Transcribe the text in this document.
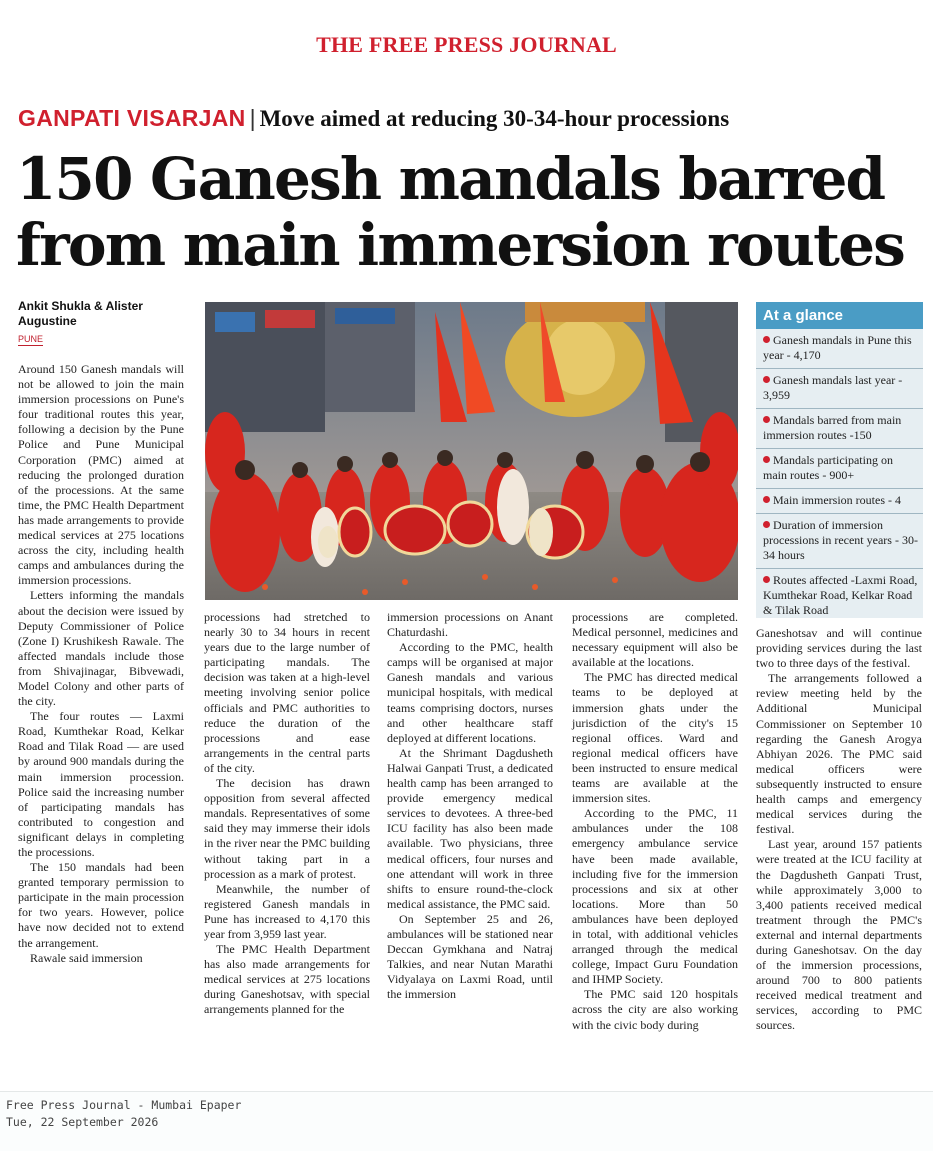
THE FREE PRESS JOURNAL
GANPATI VISARJAN | Move aimed at reducing 30-34-hour processions
150 Ganesh mandals barred
from main immersion routes
Ankit Shukla & Alister Augustine
PUNE
At a glance
Ganesh mandals in Pune this year - 4,170
Ganesh mandals last year - 3,959
Mandals barred from main immersion routes -150
Mandals participating on main routes - 900+
Main immersion routes - 4
Duration of immersion processions in recent years - 30-34 hours
Routes affected -Laxmi Road, Kumthekar Road, Kelkar Road & Tilak Road

Around 150 Ganesh mandals will not be allowed to join the main immersion processions on Pune's four traditional routes this year, following a decision by the Pune Police and Pune Municipal Corporation (PMC) aimed at reducing the prolonged duration of the processions. At the same time, the PMC Health Department has made arrangements to provide medical services at 275 locations across the city, including health camps and ambulances during the immersion processions.

Letters informing the mandals about the decision were issued by Deputy Commissioner of Police (Zone I) Krushikesh Rawale. The affected mandals include those from Shivajinagar, Bibvewadi, Model Colony and other parts of the city.

The four routes — Laxmi Road, Kumthekar Road, Kelkar Road and Tilak Road — are used by around 900 mandals during the main immersion procession. Police said the increasing number of participating mandals has contributed to congestion and significant delays in completing the processions.

The 150 mandals had been granted temporary permission to participate in the main procession for two years. However, police have now decided not to extend the arrangement.

Rawale said immersion

processions had stretched to nearly 30 to 34 hours in recent years due to the large number of participating mandals. The decision was taken at a high-level meeting involving senior police officials and PMC authorities to reduce the duration of the processions and ease arrangements in the central parts of the city.

The decision has drawn opposition from several affected mandals. Representatives of some said they may immerse their idols in the river near the PMC building without taking part in a procession as a mark of protest.

Meanwhile, the number of registered Ganesh mandals in Pune has increased to 4,170 this year from 3,959 last year.

The PMC Health Department has also made arrangements for medical services at 275 locations during Ganeshotsav, with special arrangements planned for the

immersion processions on Anant Chaturdashi.

According to the PMC, health camps will be organised at major Ganesh mandals and various municipal hospitals, with medical teams comprising doctors, nurses and other healthcare staff deployed at different locations.

At the Shrimant Dagdusheth Halwai Ganpati Trust, a dedicated health camp has been arranged to provide emergency medical services to devotees. A three-bed ICU facility has also been made available. Two physicians, three medical officers, four nurses and one attendant will work in three shifts to ensure round-the-clock medical assistance, the PMC said.

On September 25 and 26, ambulances will be stationed near Deccan Gymkhana and Natraj Talkies, and near Nutan Marathi Vidyalaya on Laxmi Road, until the immersion

processions are completed. Medical personnel, medicines and necessary equipment will also be available at the locations.

The PMC has directed medical teams to be deployed at immersion ghats under the jurisdiction of the city's 15 regional offices. Ward and regional medical officers have been instructed to ensure medical teams are available at the immersion sites.

According to the PMC, 11 ambulances under the 108 emergency ambulance service have been made available, including five for the immersion processions and six at other locations. More than 50 ambulances have been deployed in total, with additional vehicles arranged through the medical college, Impact Guru Foundation and IHMP Society.

The PMC said 120 hospitals across the city are also working with the civic body during

Ganeshotsav and will continue providing services during the last two to three days of the festival.

The arrangements followed a review meeting held by the Additional Municipal Commissioner on September 10 regarding the Ganesh Arogya Abhiyan 2026. The PMC said medical officers were subsequently instructed to ensure health camps and emergency medical services during the festival.

Last year, around 157 patients were treated at the ICU facility at the Dagdusheth Ganpati Trust, while approximately 3,000 to 3,400 patients received medical treatment through the PMC's external and internal departments during Ganeshotsav. On the day of the immersion processions, around 700 to 800 patients received medical treatment and services, according to PMC sources.

Free Press Journal - Mumbai Epaper
Tue, 22 September 2026
